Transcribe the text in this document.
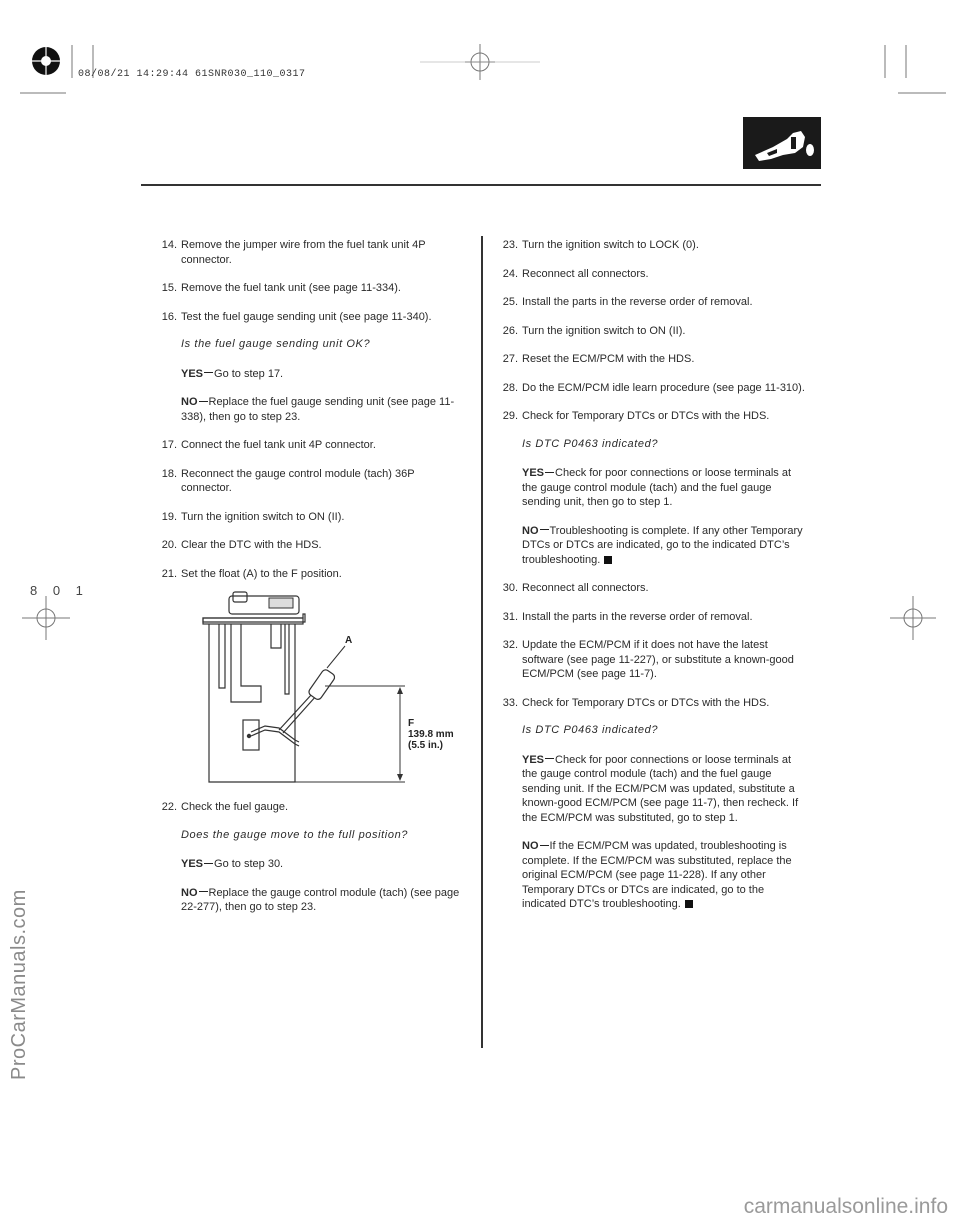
08/08/21 14:29:44 61SNR030_110_0317
14. Remove the jumper wire from the fuel tank unit 4P connector.
15. Remove the fuel tank unit (see page 11-334).
16. Test the fuel gauge sending unit (see page 11-340).
Is the fuel gauge sending unit OK?
YES Go to step 17.
NO Replace the fuel gauge sending unit (see page 11-338), then go to step 23.
17. Connect the fuel tank unit 4P connector.
18. Reconnect the gauge control module (tach) 36P connector.
19. Turn the ignition switch to ON (II).
20. Clear the DTC with the HDS.
21. Set the float (A) to the F position.
A
F
139.8 mm
(5.5 in.)
22. Check the fuel gauge.
Does the gauge move to the full position?
YES Go to step 30.
NO Replace the gauge control module (tach) (see page 22-277), then go to step 23.
23. Turn the ignition switch to LOCK (0).
24. Reconnect all connectors.
25. Install the parts in the reverse order of removal.
26. Turn the ignition switch to ON (II).
27. Reset the ECM/PCM with the HDS.
28. Do the ECM/PCM idle learn procedure (see page 11-310).
29. Check for Temporary DTCs or DTCs with the HDS.
Is DTC P0463 indicated?
YES Check for poor connections or loose terminals at the gauge control module (tach) and the fuel gauge sending unit, then go to step 1.
NO Troubleshooting is complete. If any other Temporary DTCs or DTCs are indicated, go to the indicated DTC’s troubleshooting.
30. Reconnect all connectors.
31. Install the parts in the reverse order of removal.
32. Update the ECM/PCM if it does not have the latest software (see page 11-227), or substitute a known-good ECM/PCM (see page 11-7).
33. Check for Temporary DTCs or DTCs with the HDS.
Is DTC P0463 indicated?
YES Check for poor connections or loose terminals at the gauge control module (tach) and the fuel gauge sending unit. If the ECM/PCM was updated, substitute a known-good ECM/PCM (see page 11-7), then recheck. If the ECM/PCM was substituted, go to step 1.
NO If the ECM/PCM was updated, troubleshooting is complete. If the ECM/PCM was substituted, replace the original ECM/PCM (see page 11-228). If any other Temporary DTCs or DTCs are indicated, go to the indicated DTC’s troubleshooting.
8 0 1
ProCarManuals.com
carmanualsonline.info
